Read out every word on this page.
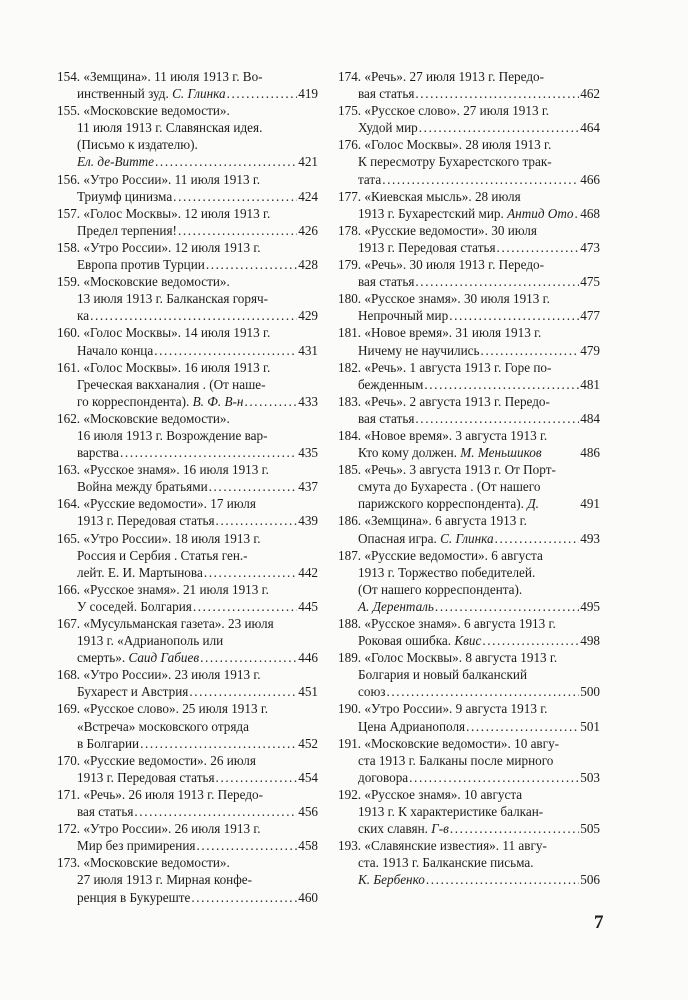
154. «Земщина». 11 июля 1913 г. Во-
инственный зуд. С. Глинка .....	419
155. «Московские ведомости».
11 июля 1913 г. Славянская идея.
(Письмо к издателю).
Ел. де-Витте .....	421
156. «Утро России». 11 июля 1913 г.
Триумф цинизма .....	424
157. «Голос Москвы». 12 июля 1913 г.
Предел терпения! .....	426
158. «Утро России». 12 июля 1913 г.
Европа против Турции .....	428
159. «Московские ведомости».
13 июля 1913 г. Балканская горяч-
ка .....	429
160. «Голос Москвы». 14 июля 1913 г.
Начало конца .....	431
161. «Голос Москвы». 16 июля 1913 г.
Греческая вакханалия . (От наше-
го корреспондента). В. Ф. В-н .....	433
162. «Московские ведомости».
16 июля 1913 г. Возрождение вар-
варства .....	435
163. «Русское знамя». 16 июля 1913 г.
Война между братьями .....	437
164. «Русские ведомости». 17 июля
1913 г. Передовая статья .....	439
165. «Утро России». 18 июля 1913 г.
Россия и Сербия . Статья ген.-
лейт. Е. И. Мартынова .....	442
166. «Русское знамя». 21 июля 1913 г.
У соседей. Болгария .....	445
167. «Мусульманская газета». 23 июля
1913 г. «Адрианополь или
смерть». Саид Габиев .....	446
168. «Утро России». 23 июля 1913 г.
Бухарест и Австрия .....	451
169. «Русское слово». 25 июля 1913 г.
«Встреча» московского отряда
в Болгарии .....	452
170. «Русские ведомости». 26 июля
1913 г. Передовая статья .....	454
171. «Речь». 26 июля 1913 г. Передо-
вая статья .....	456
172. «Утро России». 26 июля 1913 г.
Мир без примирения .....	458
173. «Московские ведомости».
27 июля 1913 г. Мирная конфе-
ренция в Букуреште .....	460
174. «Речь». 27 июля 1913 г. Передо-
вая статья .....	462
175. «Русское слово». 27 июля 1913 г.
Худой мир .....	464
176. «Голос Москвы». 28 июля 1913 г.
К пересмотру Бухарестского трак-
тата .....	466
177. «Киевская мысль». 28 июля
1913 г. Бухарестский мир. Антид Ото ..... 468
178. «Русские ведомости». 30 июля
1913 г. Передовая статья .....	473
179. «Речь». 30 июля 1913 г. Передо-
вая статья .....	475
180. «Русское знамя». 30 июля 1913 г.
Непрочный мир .....	477
181. «Новое время». 31 июля 1913 г.
Ничему не научились .....	479
182. «Речь». 1 августа 1913 г. Горе по-
бежденным .....	481
183. «Речь». 2 августа 1913 г. Передо-
вая статья .....	484
184. «Новое время». 3 августа 1913 г.
Кто кому должен. М. Меньшиков	486
185. «Речь». 3 августа 1913 г. От Порт-
смута до Бухареста . (От нашего
парижского корреспондента). Д.	491
186. «Земщина». 6 августа 1913 г.
Опасная игра. С. Глинка .....	493
187. «Русские ведомости». 6 августа
1913 г. Торжество победителей.
(От нашего корреспондента).
А. Деренталь .....	495
188. «Русское знамя». 6 августа 1913 г.
Роковая ошибка. Квис .....	498
189. «Голос Москвы». 8 августа 1913 г.
Болгария и новый балканский
союз .....	500
190. «Утро России». 9 августа 1913 г.
Цена Адрианополя .....	501
191. «Московские ведомости». 10 авгу-
ста 1913 г. Балканы после мирного
договора .....	503
192. «Русское знамя». 10 августа
1913 г. К характеристике балкан-
ских славян. Г-в .....	505
193. «Славянские известия». 11 авгу-
ста. 1913 г. Балканские письма.
К. Бербенко .....	506
7
